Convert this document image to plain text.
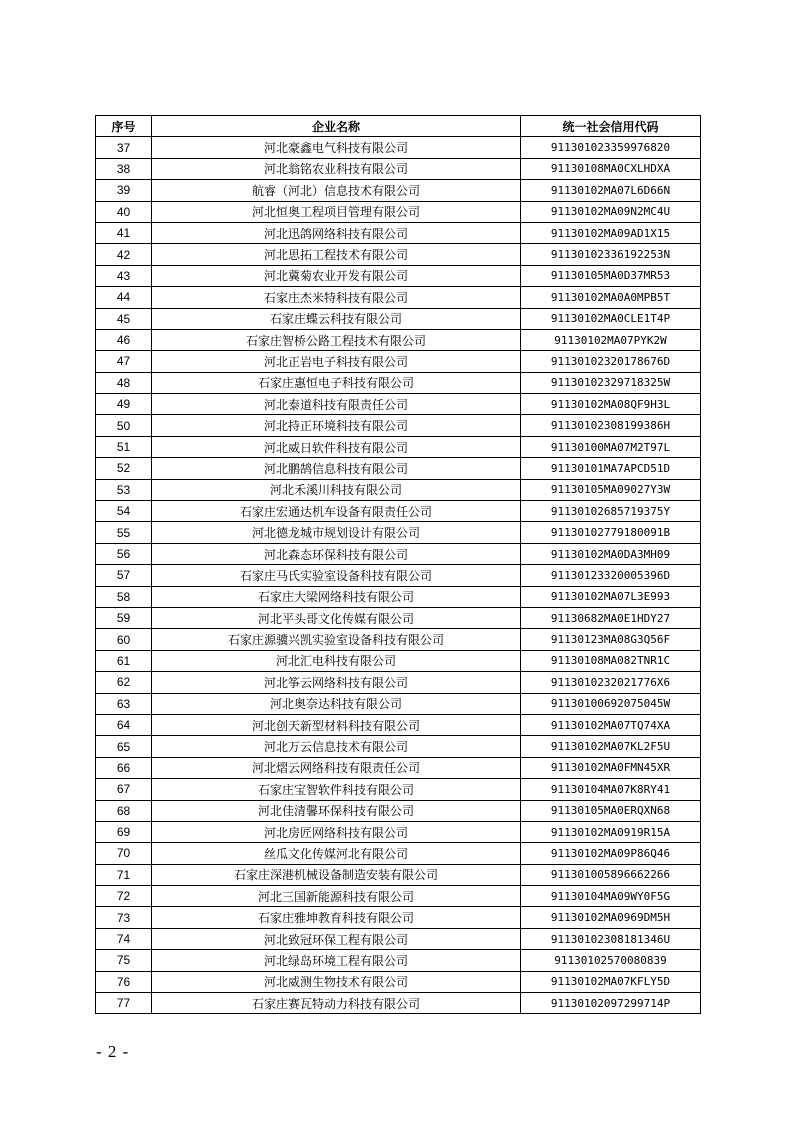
序号	企业名称	统一社会信用代码
37	河北豪鑫电气科技有限公司	911301023359976820
38	河北翁铭农业科技有限公司	91130108MA0CXLHDXA
39	航睿（河北）信息技术有限公司	91130102MA07L6D66N
40	河北恒奥工程项目管理有限公司	91130102MA09N2MC4U
41	河北迅鸽网络科技有限公司	91130102MA09AD1X15
42	河北思拓工程技术有限公司	91130102336192253N
43	河北冀菊农业开发有限公司	91130105MA0D37MR53
44	石家庄杰米特科技有限公司	91130102MA0A0MPB5T
45	石家庄蝶云科技有限公司	91130102MA0CLE1T4P
46	石家庄智桥公路工程技术有限公司	91130102MA07PYK2W
47	河北正岩电子科技有限公司	91130102320178676D
48	石家庄惠恒电子科技有限公司	91130102329718325W
49	河北泰道科技有限责任公司	91130102MA08QF9H3L
50	河北持正环境科技有限公司	91130102308199386H
51	河北威日软件科技有限公司	91130100MA07M2T97L
52	河北鹏鹄信息科技有限公司	91130101MA7APCD51D
53	河北禾溪川科技有限公司	91130105MA09027Y3W
54	石家庄宏通达机车设备有限责任公司	91130102685719375Y
55	河北德龙城市规划设计有限公司	91130102779180091B
56	河北森态环保科技有限公司	91130102MA0DA3MH09
57	石家庄马氏实验室设备科技有限公司	91130123320005396D
58	石家庄大梁网络科技有限公司	91130102MA07L3E993
59	河北平头哥文化传媒有限公司	91130682MA0E1HDY27
60	石家庄源骥兴凯实验室设备科技有限公司	91130123MA08G3Q56F
61	河北汇电科技有限公司	91130108MA082TNR1C
62	河北筝云网络科技有限公司	9113010232021776X6
63	河北奥奈达科技有限公司	91130100692075045W
64	河北创天新型材料科技有限公司	91130102MA07TQ74XA
65	河北万云信息技术有限公司	91130102MA07KL2F5U
66	河北熠云网络科技有限责任公司	91130102MA0FMN45XR
67	石家庄宝智软件科技有限公司	91130104MA07K8RY41
68	河北佳清馨环保科技有限公司	91130105MA0ERQXN68
69	河北房匠网络科技有限公司	91130102MA0919R15A
70	丝瓜文化传媒河北有限公司	91130102MA09P86Q46
71	石家庄深港机械设备制造安装有限公司	911301005896662266
72	河北三国新能源科技有限公司	91130104MA09WY0F5G
73	石家庄雅坤教育科技有限公司	91130102MA0969DM5H
74	河北致冠环保工程有限公司	91130102308181346U
75	河北绿岛环境工程有限公司	91130102570080839
76	河北威测生物技术有限公司	91130102MA07KFLY5D
77	石家庄赛瓦特动力科技有限公司	91130102097299714P
- 2 -
